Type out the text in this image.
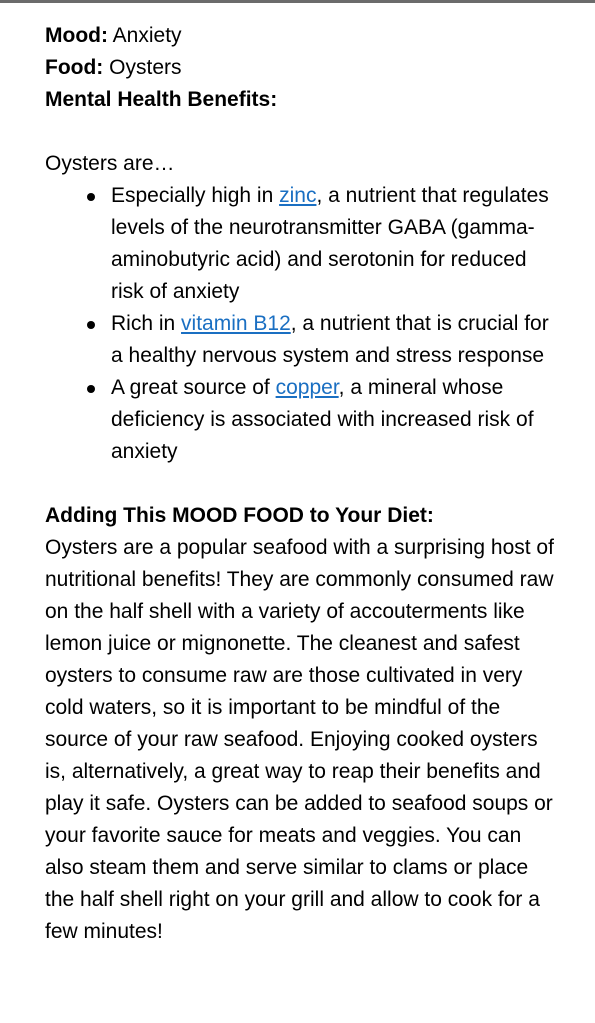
Mood: Anxiety

Food: Oysters

Mental Health Benefits:

Oysters are…

Especially high in zinc, a nutrient that regulates levels of the neurotransmitter GABA (gamma-aminobutyric acid) and serotonin for reduced risk of anxiety
Rich in vitamin B12, a nutrient that is crucial for a healthy nervous system and stress response
A great source of copper, a mineral whose deficiency is associated with increased risk of anxiety

Adding This MOOD FOOD to Your Diet:

Oysters are a popular seafood with a surprising host of nutritional benefits! They are commonly consumed raw on the half shell with a variety of accouterments like lemon juice or mignonette. The cleanest and safest oysters to consume raw are those cultivated in very cold waters, so it is important to be mindful of the source of your raw seafood. Enjoying cooked oysters is, alternatively, a great way to reap their benefits and play it safe. Oysters can be added to seafood soups or your favorite sauce for meats and veggies. You can also steam them and serve similar to clams or place the half shell right on your grill and allow to cook for a few minutes!
